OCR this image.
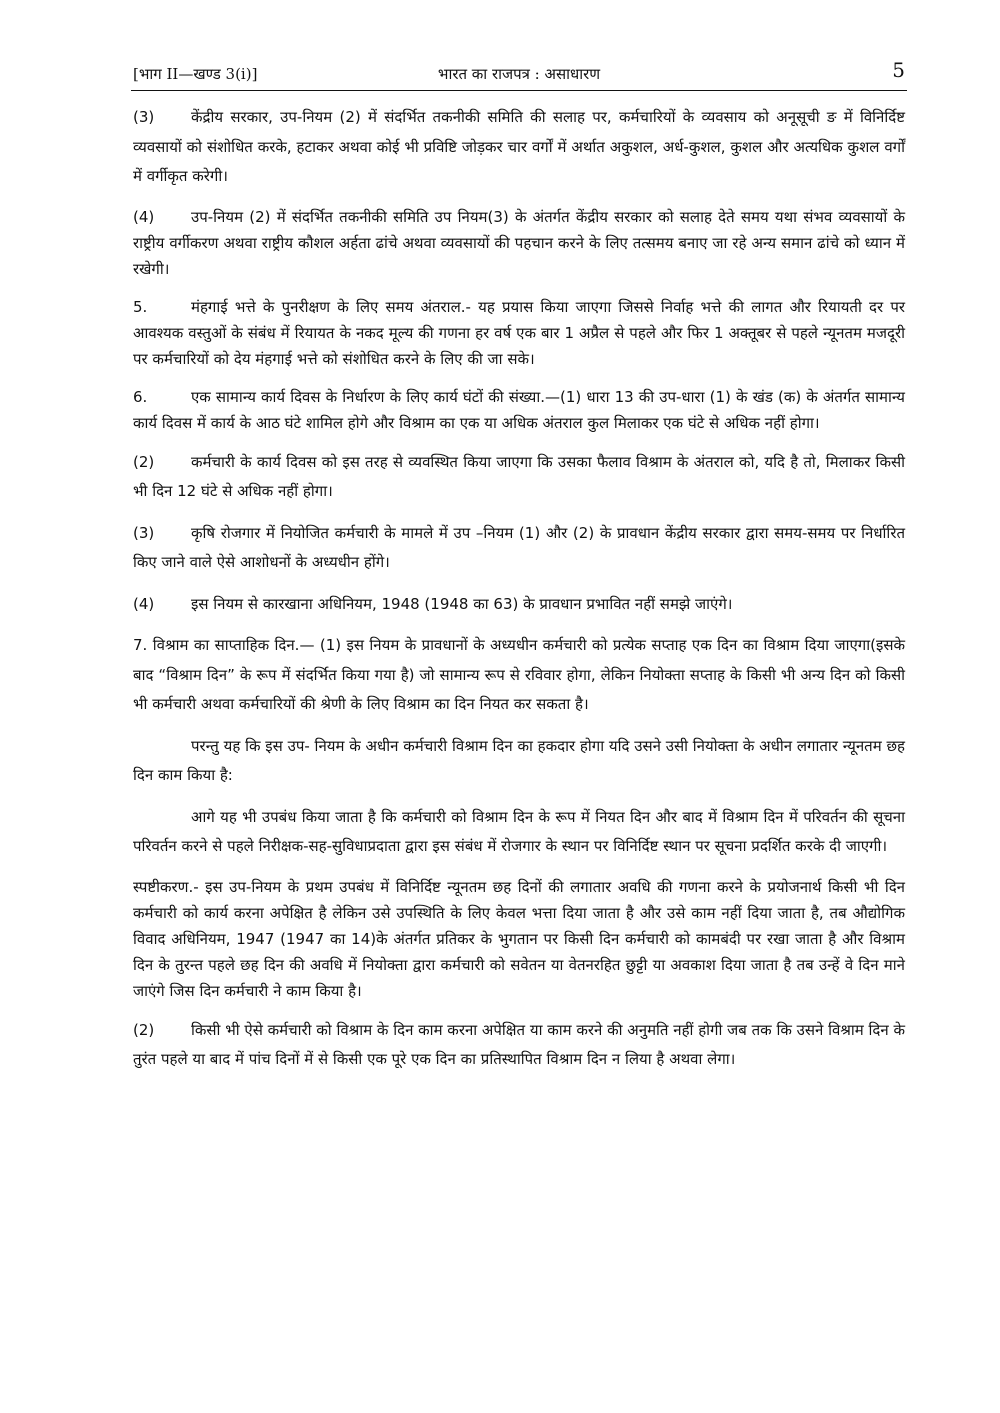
[भाग II—खण्ड 3(i)]	भारत का राजपत्र : असाधारण	5

(3) केंद्रीय सरकार, उप-नियम (2) में संदर्भित तकनीकी समिति की सलाह पर, कर्मचारियों के व्यवसाय को अनूसूची ङ में विनिर्दिष्ट व्यवसायों को संशोधित करके, हटाकर अथवा कोई भी प्रविष्टि जोड़कर चार वर्गों में अर्थात अकुशल, अर्ध-कुशल, कुशल और अत्यधिक कुशल वर्गों में वर्गीकृत करेगी।

(4) उप-नियम (2) में संदर्भित तकनीकी समिति उप नियम(3) के अंतर्गत केंद्रीय सरकार को सलाह देते समय यथा संभव व्यवसायों के राष्ट्रीय वर्गीकरण अथवा राष्ट्रीय कौशल अर्हता ढांचे अथवा व्यवसायों की पहचान करने के लिए तत्समय बनाए जा रहे अन्य समान ढांचे को ध्यान में रखेगी।

5.	मंहगाई भत्ते के पुनरीक्षण के लिए समय अंतराल.- यह प्रयास किया जाएगा जिससे निर्वाह भत्ते की लागत और रियायती दर पर आवश्यक वस्तुओं के संबंध में रियायत के नकद मूल्य की गणना हर वर्ष एक बार 1 अप्रैल से पहले और फिर 1 अक्तूबर से पहले न्यूनतम मजदूरी पर कर्मचारियों को देय मंहगाई भत्ते को संशोधित करने के लिए की जा सके।

6.	एक सामान्य कार्य दिवस के निर्धारण के लिए कार्य घंटों की संख्या.—(1) धारा 13 की उप-धारा (1) के खंड (क) के अंतर्गत सामान्य कार्य दिवस में कार्य के आठ घंटे शामिल होगे और विश्राम का एक या अधिक अंतराल कुल मिलाकर एक घंटे से अधिक नहीं होगा।

(2) कर्मचारी के कार्य दिवस को इस तरह से व्यवस्थित किया जाएगा कि उसका फैलाव विश्राम के अंतराल को, यदि है तो, मिलाकर किसी भी दिन 12 घंटे से अधिक नहीं होगा।

(3) कृषि रोजगार में नियोजित कर्मचारी के मामले में उप –नियम (1) और (2) के प्रावधान केंद्रीय सरकार द्वारा समय-समय पर निर्धारित किए जाने वाले ऐसे आशोधनों के अध्यधीन होंगे।

(4) इस नियम से कारखाना अधिनियम, 1948 (1948 का 63) के प्रावधान प्रभावित नहीं समझे जाएंगे।

7. विश्राम का साप्ताहिक दिन.— (1) इस नियम के प्रावधानों के अध्यधीन कर्मचारी को प्रत्येक सप्ताह एक दिन का विश्राम दिया जाएगा(इसके बाद “विश्राम दिन” के रूप में संदर्भित किया गया है) जो सामान्य रूप से रविवार होगा, लेकिन नियोक्ता सप्ताह के किसी भी अन्य दिन को किसी भी कर्मचारी अथवा कर्मचारियों की श्रेणी के लिए विश्राम का दिन नियत कर सकता है।

परन्तु यह कि इस उप- नियम के अधीन कर्मचारी विश्राम दिन का हकदार होगा यदि उसने उसी नियोक्ता के अधीन लगातार न्यूनतम छह दिन काम किया है:

आगे यह भी उपबंध किया जाता है कि कर्मचारी को विश्राम दिन के रूप में नियत दिन और बाद में विश्राम दिन में परिवर्तन की सूचना परिवर्तन करने से पहले निरीक्षक-सह-सुविधाप्रदाता द्वारा इस संबंध में रोजगार के स्थान पर विनिर्दिष्ट स्थान पर सूचना प्रदर्शित करके दी जाएगी।

स्पष्टीकरण.- इस उप-नियम के प्रथम उपबंध में विनिर्दिष्ट न्यूनतम छह दिनों की लगातार अवधि की गणना करने के प्रयोजनार्थ किसी भी दिन कर्मचारी को कार्य करना अपेक्षित है लेकिन उसे उपस्थिति के लिए केवल भत्ता दिया जाता है और उसे काम नहीं दिया जाता है, तब औद्योगिक विवाद अधिनियम, 1947 (1947 का 14)के अंतर्गत प्रतिकर के भुगतान पर किसी दिन कर्मचारी को कामबंदी पर रखा जाता है और विश्राम दिन के तुरन्त पहले छह दिन की अवधि में नियोक्ता द्वारा कर्मचारी को सवेतन या वेतनरहित छुट्टी या अवकाश दिया जाता है तब उन्हें वे दिन माने जाएंगे जिस दिन कर्मचारी ने काम किया है।

(2) किसी भी ऐसे कर्मचारी को विश्राम के दिन काम करना अपेक्षित या काम करने की अनुमति नहीं होगी जब तक कि उसने विश्राम दिन के तुरंत पहले या बाद में पांच दिनों में से किसी एक पूरे एक दिन का प्रतिस्थापित विश्राम दिन न लिया है अथवा लेगा।
